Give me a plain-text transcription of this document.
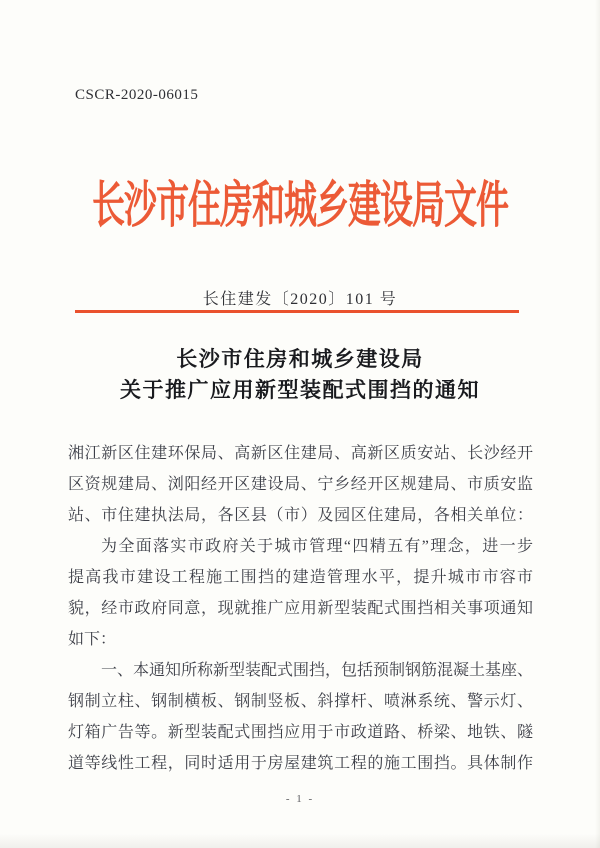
CSCR-2020-06015
长沙市住房和城乡建设局文件
长住建发〔2020〕101 号
长沙市住房和城乡建设局
关于推广应用新型装配式围挡的通知
湘江新区住建环保局、高新区住建局、高新区质安站、长沙经开
区资规建局、浏阳经开区建设局、宁乡经开区规建局、市质安监
站、市住建执法局，各区县（市）及园区住建局，各相关单位：
为全面落实市政府关于城市管理“四精五有”理念，进一步
提高我市建设工程施工围挡的建造管理水平，提升城市市容市
貌，经市政府同意，现就推广应用新型装配式围挡相关事项通知
如下：
一、本通知所称新型装配式围挡，包括预制钢筋混凝土基座、
钢制立柱、钢制横板、钢制竖板、斜撑杆、喷淋系统、警示灯、
灯箱广告等。新型装配式围挡应用于市政道路、桥梁、地铁、隧
道等线性工程，同时适用于房屋建筑工程的施工围挡。具体制作
- 1 -
